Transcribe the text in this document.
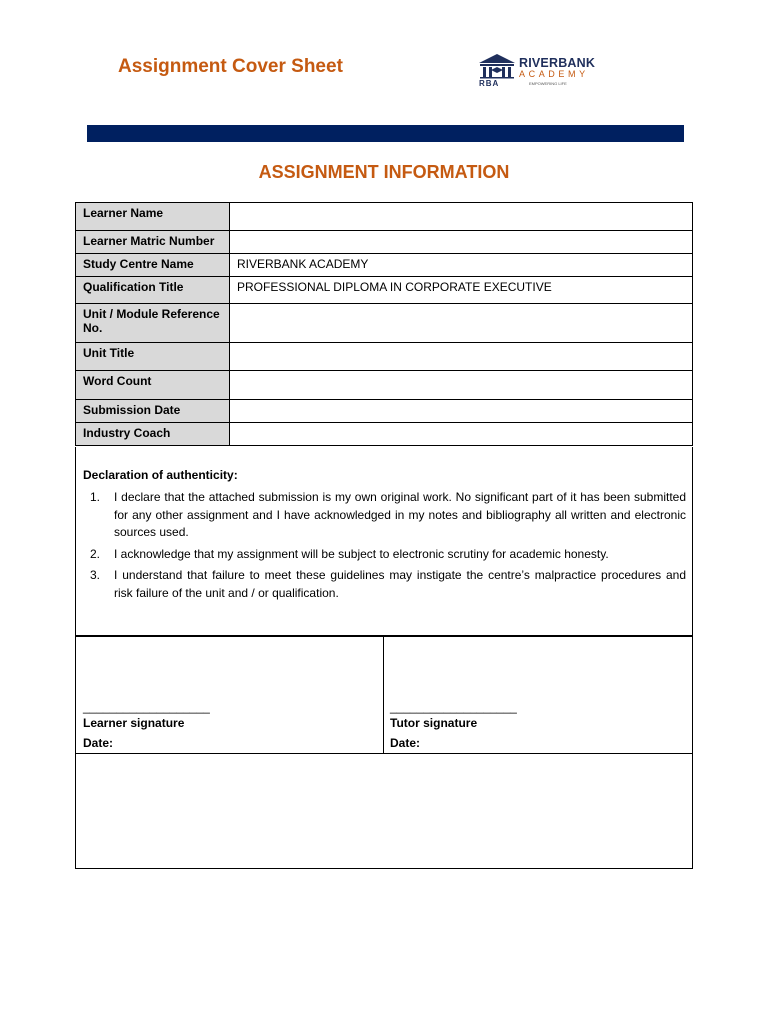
Assignment Cover Sheet
RBA
RIVERBANK
ACADEMY
EMPOWERING LIFE
ASSIGNMENT INFORMATION
Learner Name	
Learner Matric Number	
Study Centre Name	RIVERBANK ACADEMY
Qualification Title	PROFESSIONAL DIPLOMA IN CORPORATE EXECUTIVE
Unit / Module Reference No.	
Unit Title	
Word Count	
Submission Date	
Industry Coach	
Declaration of authenticity:
1. I declare that the attached submission is my own original work. No significant part of it has been submitted for any other assignment and I have acknowledged in my notes and bibliography all written and electronic sources used.
2. I acknowledge that my assignment will be subject to electronic scrutiny for academic honesty.
3. I understand that failure to meet these guidelines may instigate the centre’s malpractice procedures and risk failure of the unit and / or qualification.
___________________
Learner signature
Date:
___________________
Tutor signature
Date:
